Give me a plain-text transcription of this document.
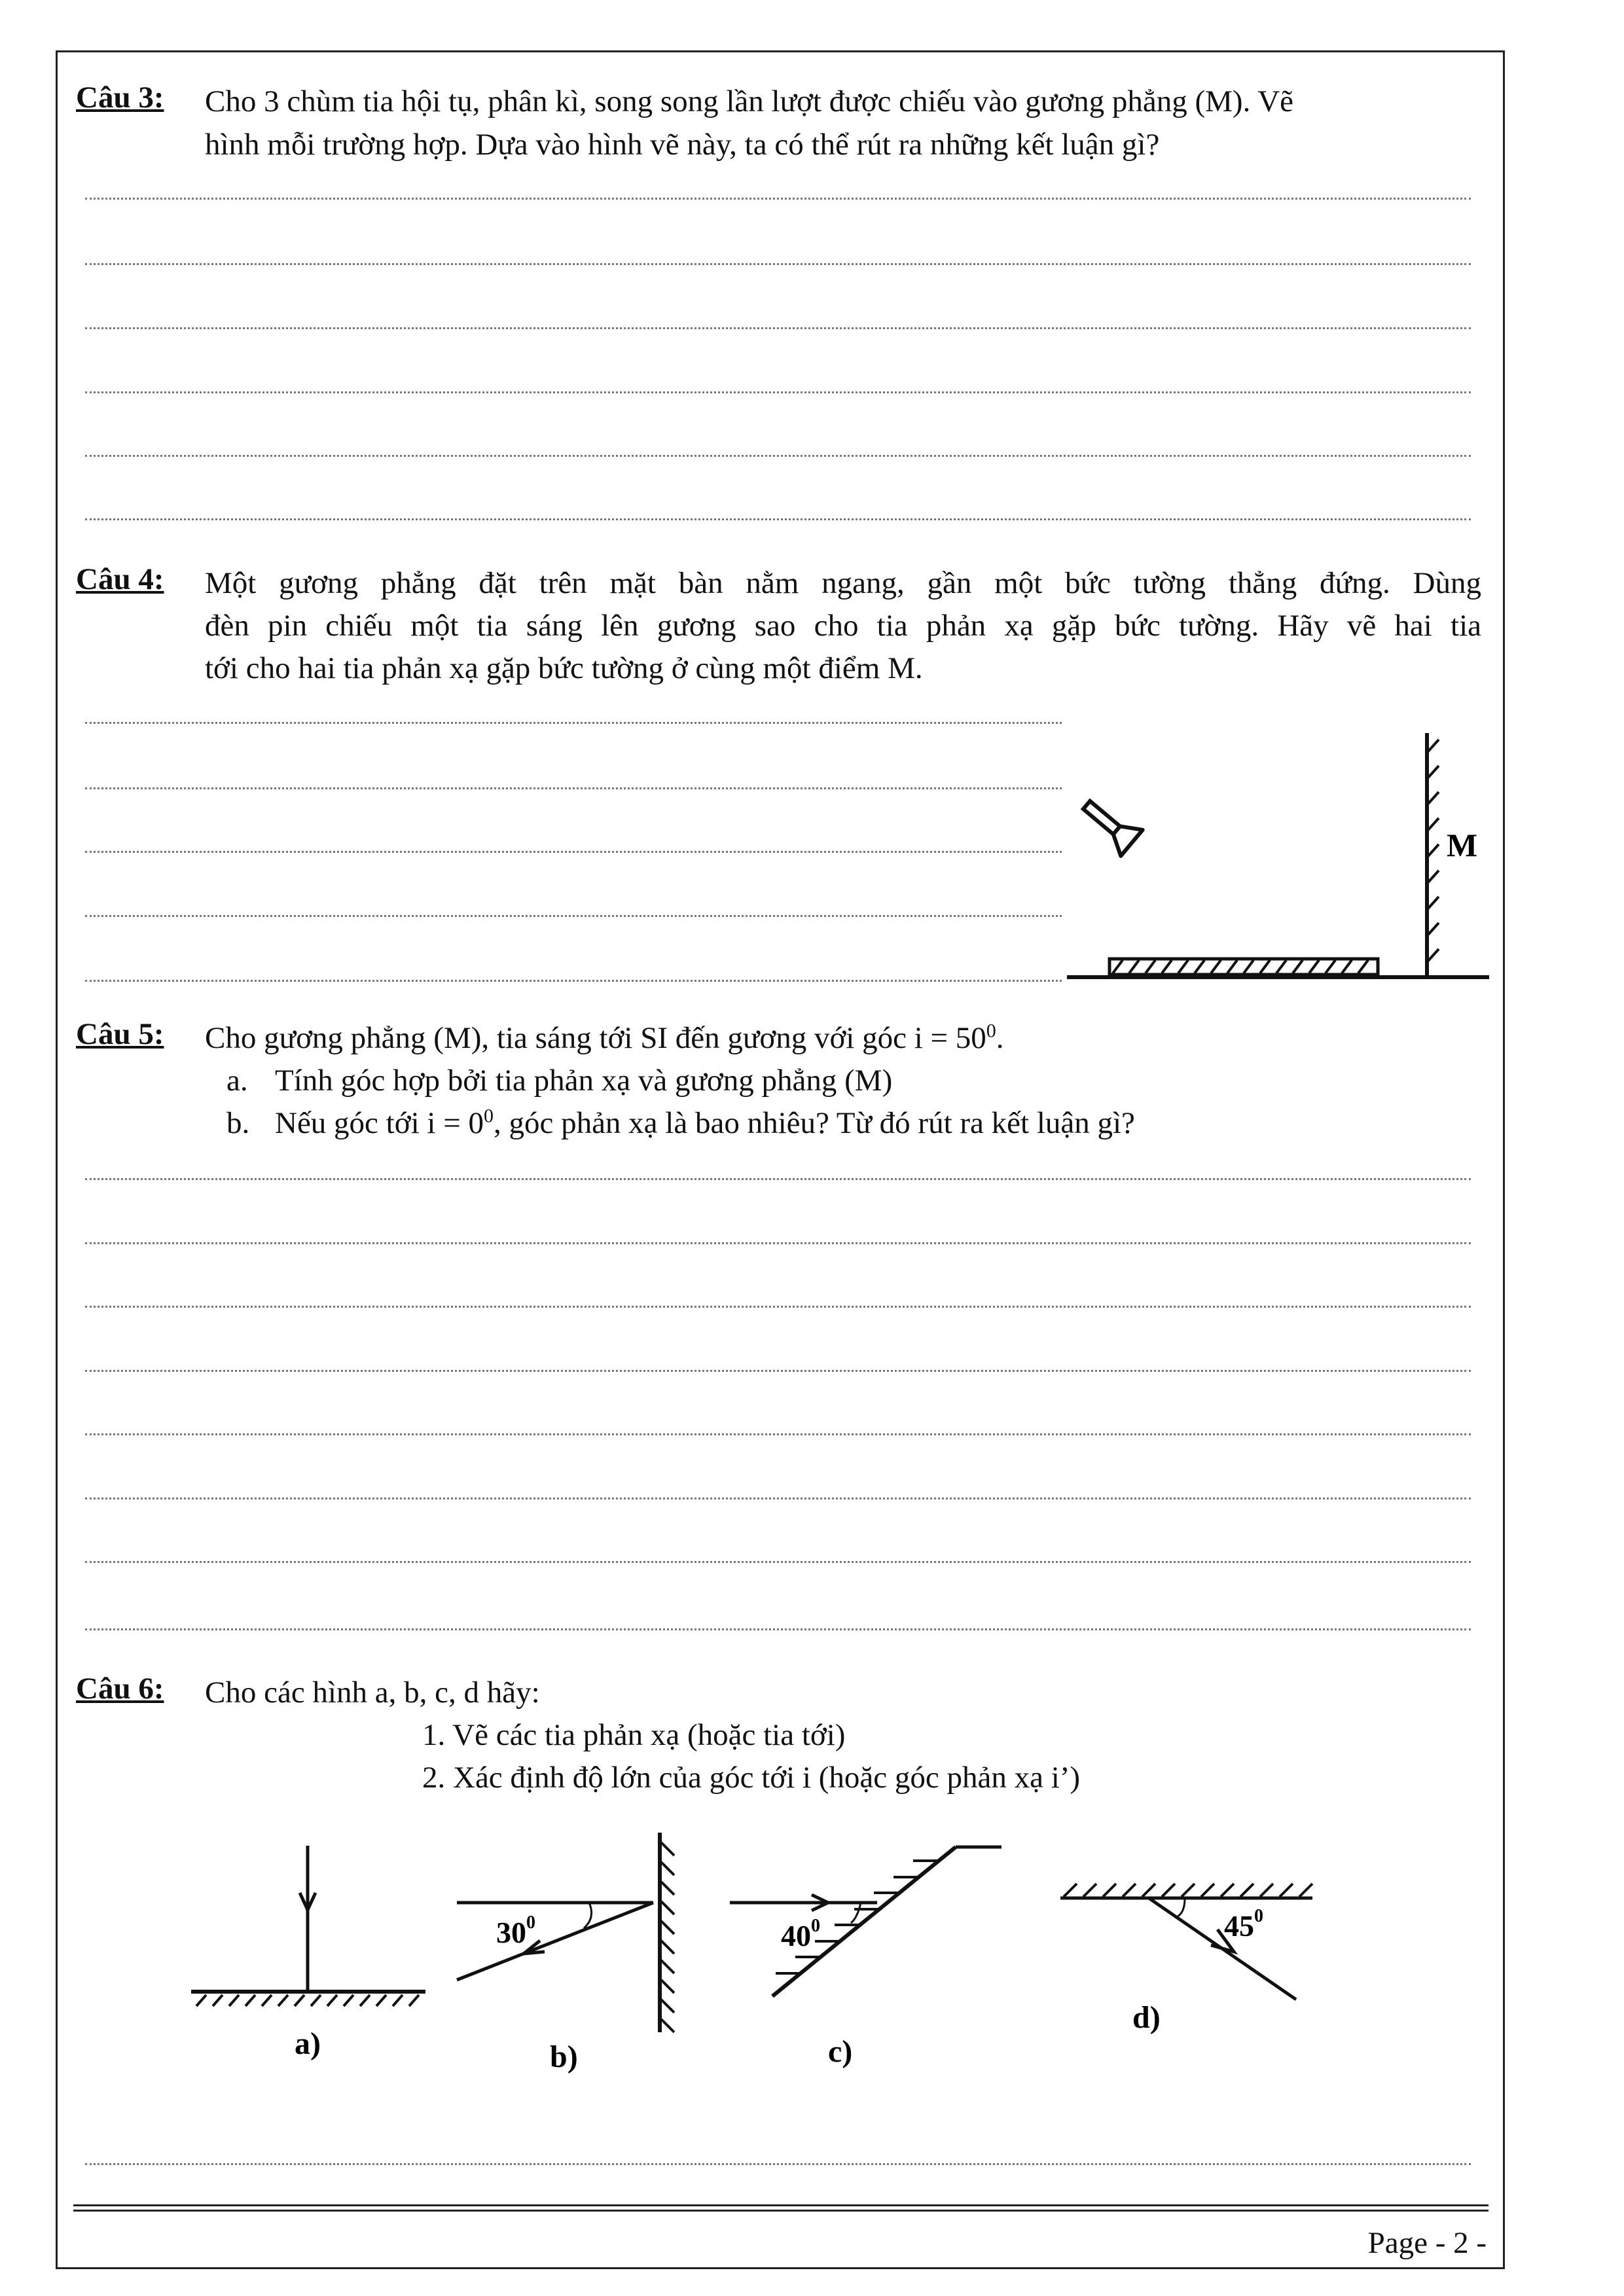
Câu 3: Cho 3 chùm tia hội tụ, phân kì, song song lần lượt được chiếu vào gương phẳng (M). Vẽ
hình mỗi trường hợp. Dựa vào hình vẽ này, ta có thể rút ra những kết luận gì?
Câu 4: Một gương phẳng đặt trên mặt bàn nằm ngang, gần một bức tường thẳng đứng. Dùng
đèn pin chiếu một tia sáng lên gương sao cho tia phản xạ gặp bức tường. Hãy vẽ hai tia
tới cho hai tia phản xạ gặp bức tường ở cùng một điểm M.
M
Câu 5: Cho gương phẳng (M), tia sáng tới SI đến gương với góc $i = 50^0$.
a. Tính góc hợp bởi tia phản xạ và gương phẳng (M)
b. Nếu góc tới $i = 0^0$, góc phản xạ là bao nhiêu? Từ đó rút ra kết luận gì?
Câu 6: Cho các hình a, b, c, d hãy:
1. Vẽ các tia phản xạ (hoặc tia tới)
2. Xác định độ lớn của góc tới i (hoặc góc phản xạ i’)
a)
$30^0$
b)
$40^0$
c)
$45^0$
d)
Page - 2 -
